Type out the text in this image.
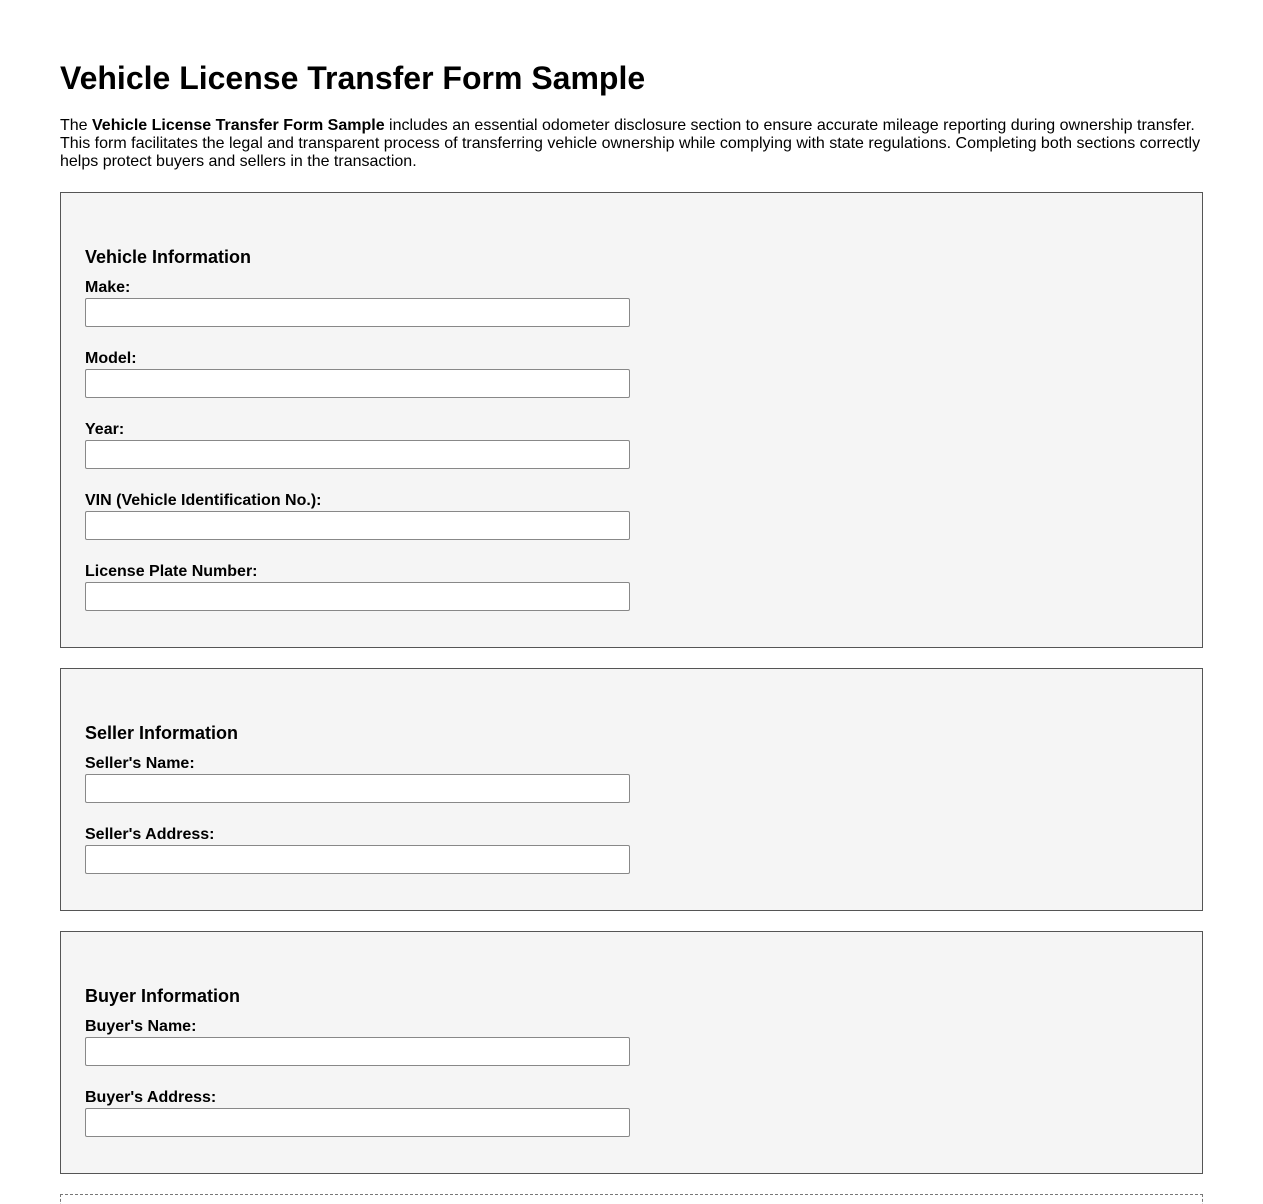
Vehicle License Transfer Form Sample

The Vehicle License Transfer Form Sample includes an essential odometer disclosure section to ensure accurate mileage reporting during ownership transfer. This form facilitates the legal and transparent process of transferring vehicle ownership while complying with state regulations. Completing both sections correctly helps protect buyers and sellers in the transaction.

Vehicle Information
Make:
Model:
Year:
VIN (Vehicle Identification No.):
License Plate Number:
Seller Information
Seller's Name:
Seller's Address:
Buyer Information
Buyer's Name:
Buyer's Address:
